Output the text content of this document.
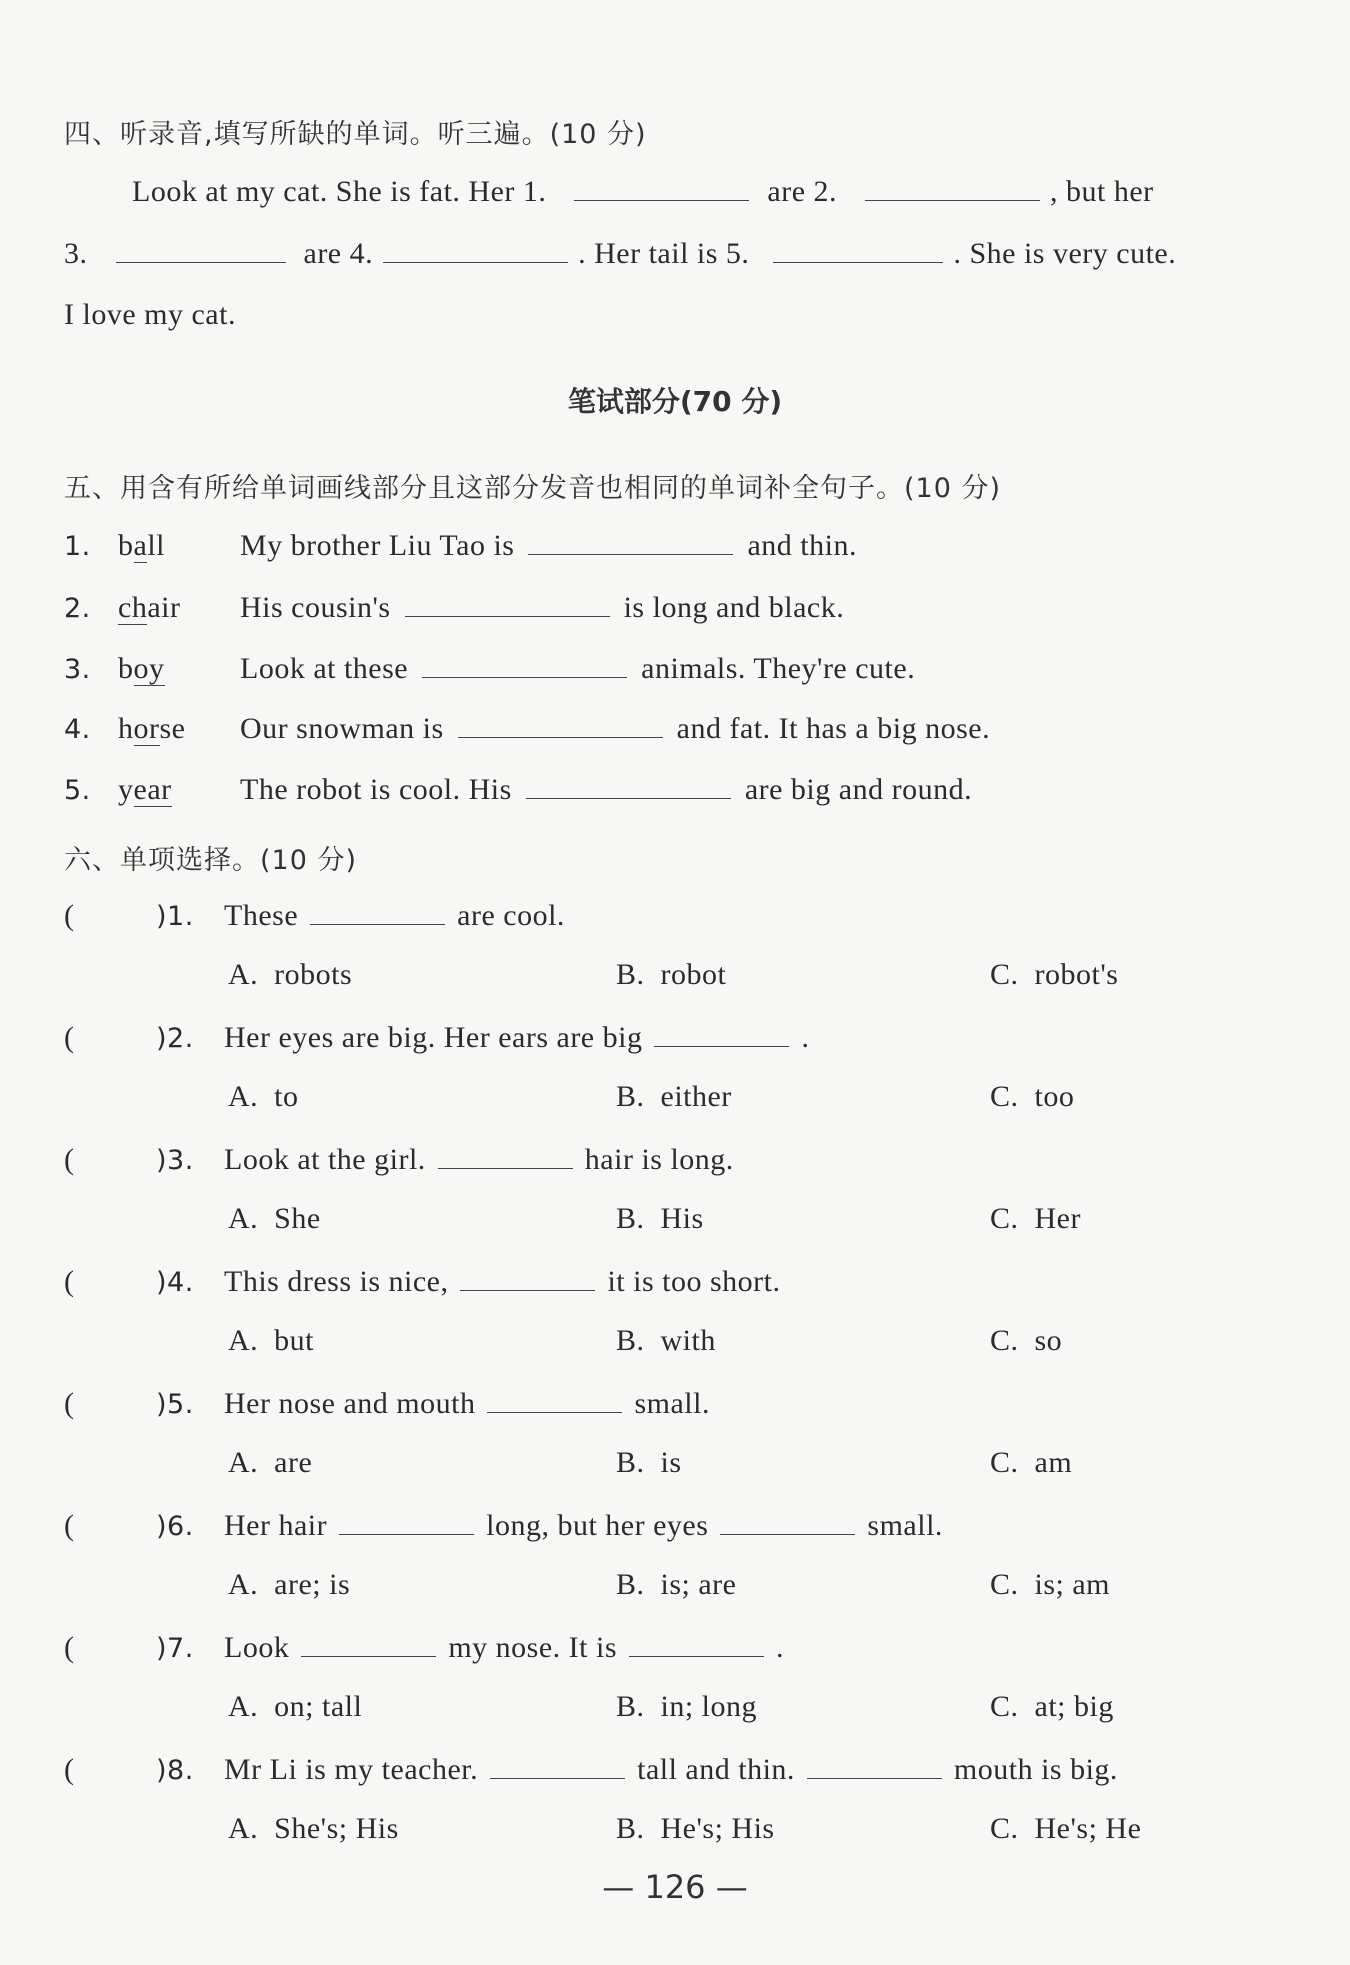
四、听录音,填写所缺的单词。听三遍。(10 分)
Look at my cat. She is fat. Her 1.	are 2.	, but her
3.	are 4.	. Her tail is 5.	. She is very cute.
I love my cat.
笔试部分(70 分)
五、用含有所给单词画线部分且这部分发音也相同的单词补全句子。(10 分)
1. ball	My brother Liu Tao is	and thin.
2. chair His cousin's	is long and black.
3. boy	Look at these	animals. They're cute.
4. horse Our snowman is	and fat. It has a big nose.
5. year The robot is cool. His	are big and round.
六、单项选择。(10 分)
(	)1. These	are cool.
A.  robots	B.  robot	C.  robot's
(	)2. Her eyes are big. Her ears are big	.
A.  to	B.  either	C.  too
(	)3. Look at the girl.	hair is long.
A.  She	B.  His	C.  Her
(	)4. This dress is nice,	it is too short.
A.  but	B.  with	C.  so
(	)5. Her nose and mouth	small.
A.  are	B.  is	C.  am
(	)6. Her hair	long, but her eyes	small.
A.  are; is	B.  is; are	C.  is; am
(	)7. Look	my nose. It is	.
A.  on; tall	B.  in; long	C.  at; big
(	)8. Mr Li is my teacher.	tall and thin.	mouth is big.
A.  She's; His	B.  He's; His	C.  He's; He
— 126 —
